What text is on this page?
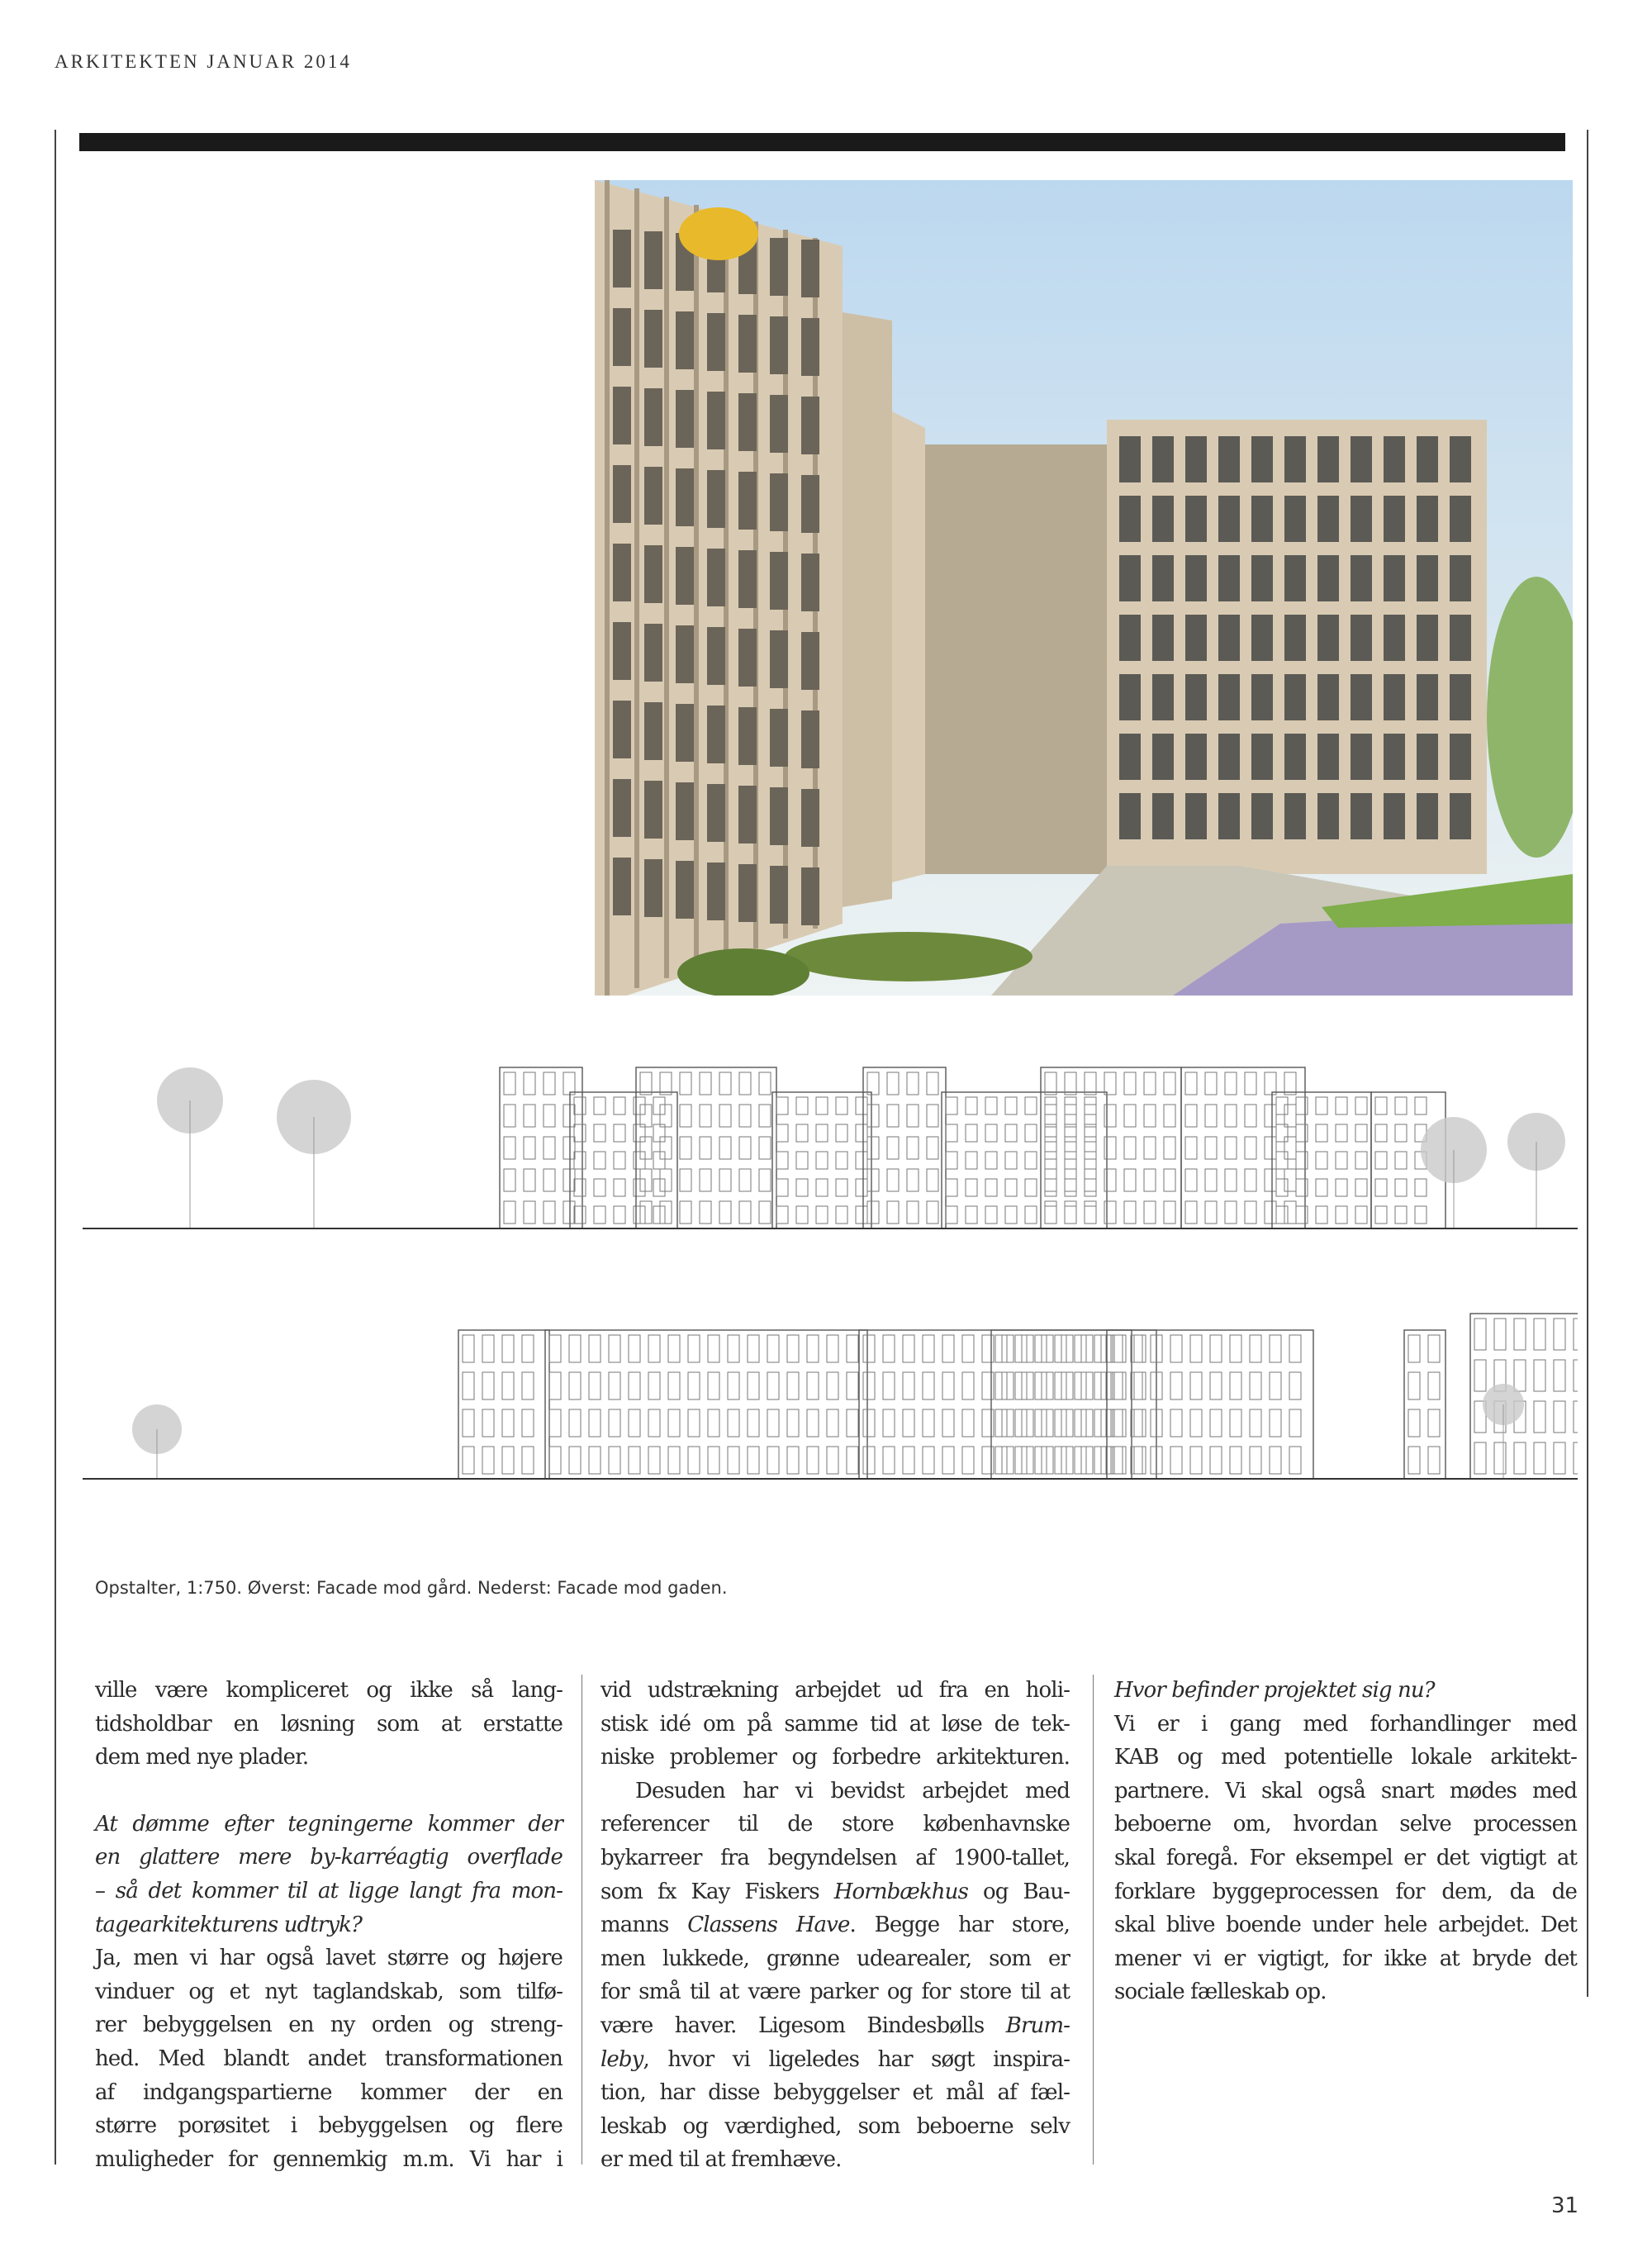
ARKITEKTEN JANUAR 2014
Opstalter, 1:750. Øverst: Facade mod gård. Nederst: Facade mod gaden.
ville være kompliceret og ikke så lang-
tidsholdbar en løsning som at erstatte
dem med nye plader.
At dømme efter tegningerne kommer der
en glattere mere by-karréagtig overflade
– så det kommer til at ligge langt fra mon-
tagearkitekturens udtryk?
Ja, men vi har også lavet større og højere
vinduer og et nyt taglandskab, som tilfø-
rer bebyggelsen en ny orden og streng-
hed. Med blandt andet transformationen
af indgangspartierne kommer der en
større porøsitet i bebyggelsen og flere
muligheder for gennemkig m.m. Vi har i
vid udstrækning arbejdet ud fra en holi-
stisk idé om på samme tid at løse de tek-
niske problemer og forbedre arkitekturen.
Desuden har vi bevidst arbejdet med
referencer til de store københavnske
bykarreer fra begyndelsen af 1900-tallet,
som fx Kay Fiskers Hornbækhus og Bau-
manns Classens Have. Begge har store,
men lukkede, grønne udearealer, som er
for små til at være parker og for store til at
være haver. Ligesom Bindesbølls Brum-
leby, hvor vi ligeledes har søgt inspira-
tion, har disse bebyggelser et mål af fæl-
leskab og værdighed, som beboerne selv
er med til at fremhæve.
Hvor befinder projektet sig nu?
Vi er i gang med forhandlinger med
KAB og med potentielle lokale arkitekt-
partnere. Vi skal også snart mødes med
beboerne om, hvordan selve processen
skal foregå. For eksempel er det vigtigt at
forklare byggeprocessen for dem, da de
skal blive boende under hele arbejdet. Det
mener vi er vigtigt, for ikke at bryde det
sociale fælleskab op.
31
